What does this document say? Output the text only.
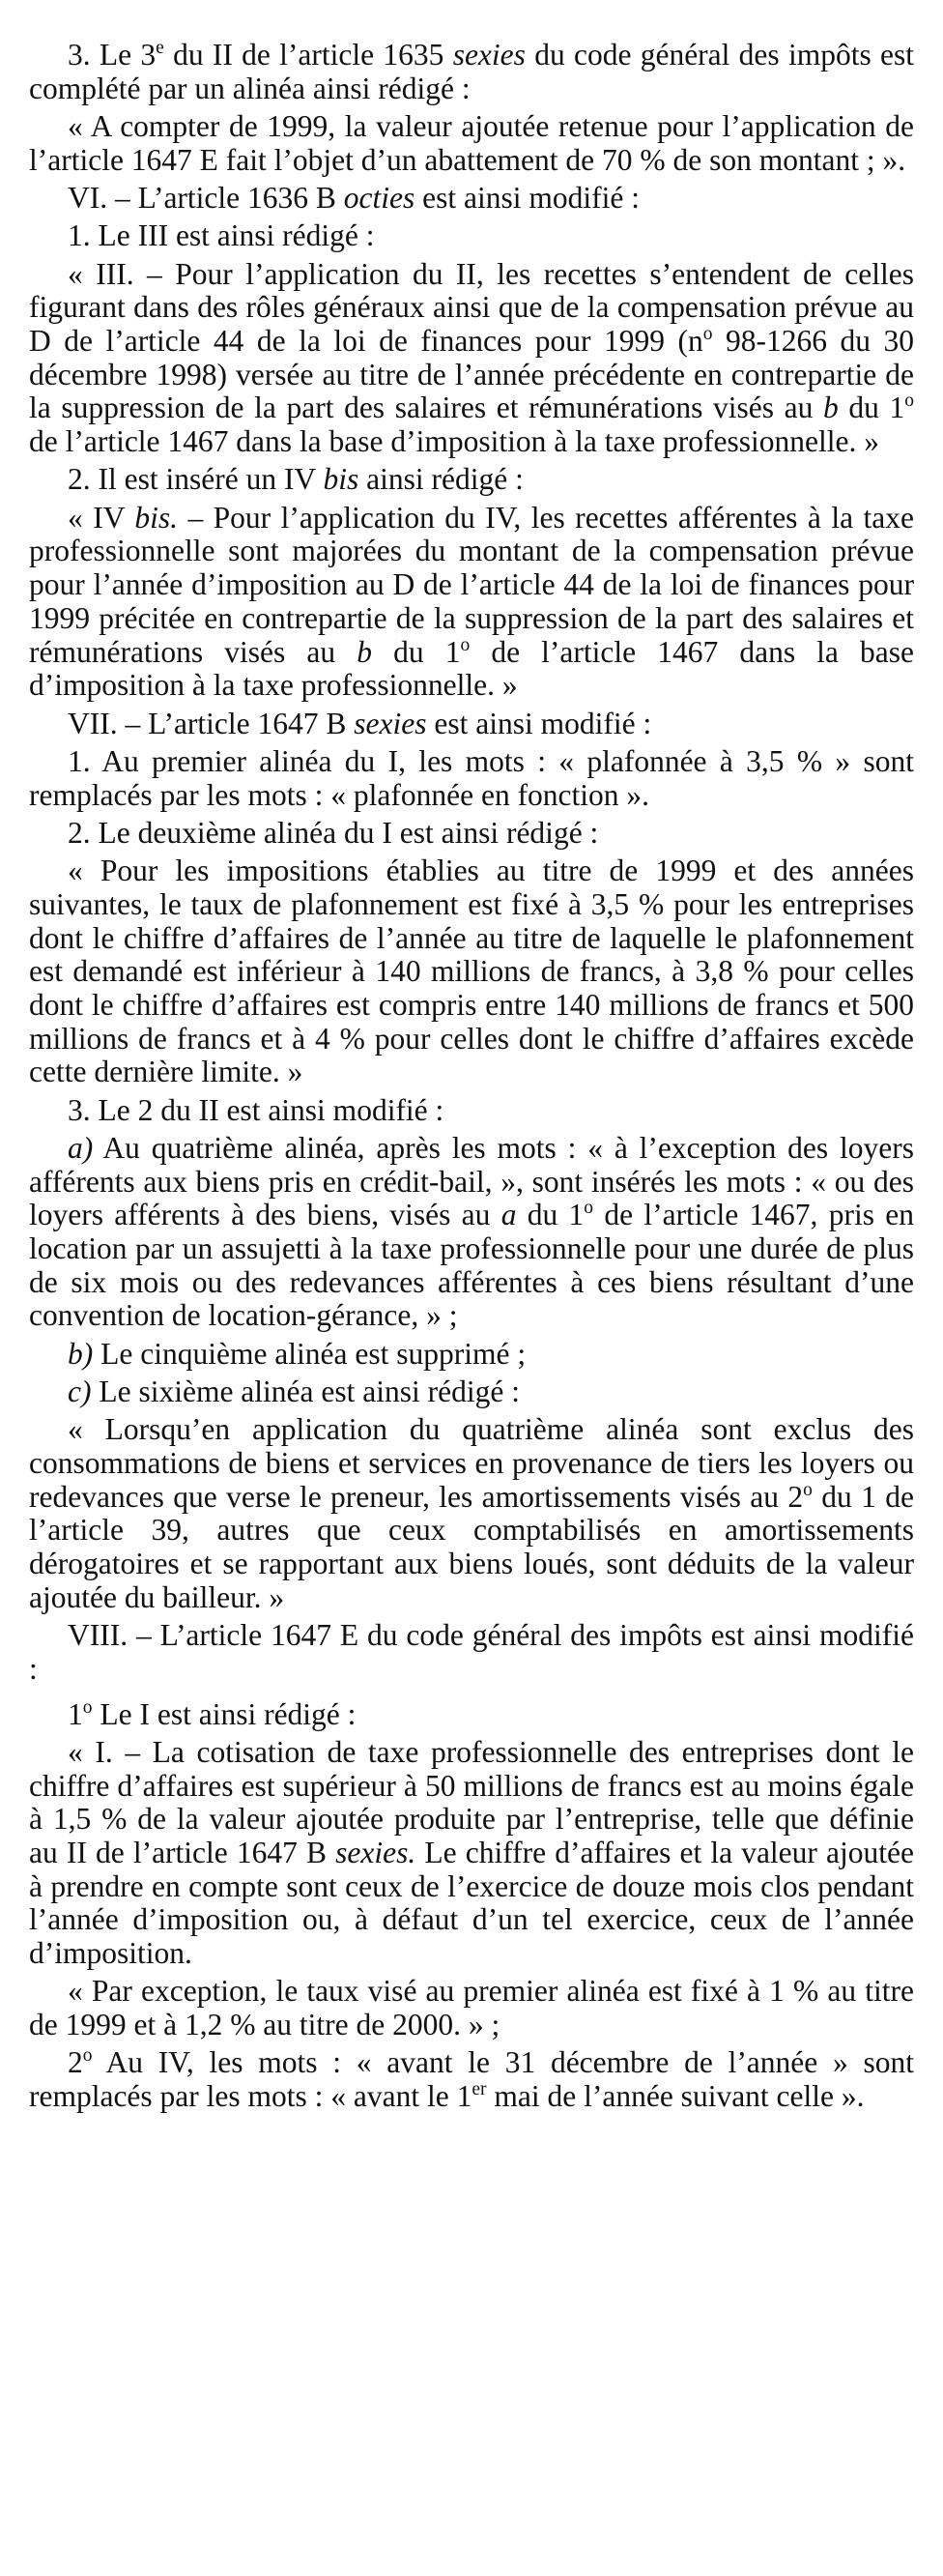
3. Le 3e du II de l’article 1635 sexies du code général des impôts est complété par un alinéa ainsi rédigé :

« A compter de 1999, la valeur ajoutée retenue pour l’application de l’article 1647 E fait l’objet d’un abattement de 70 % de son montant ; ».

VI. – L’article 1636 B octies est ainsi modifié :

1. Le III est ainsi rédigé :

« III. – Pour l’application du II, les recettes s’entendent de celles figurant dans des rôles généraux ainsi que de la compensation prévue au D de l’article 44 de la loi de finances pour 1999 ($n^o$ 98-1266 du 30 décembre 1998) versée au titre de l’année précédente en contrepartie de la suppression de la part des salaires et rémunérations visés au b du 1$^o$ de l’article 1467 dans la base d’imposition à la taxe professionnelle. »

2. Il est inséré un IV bis ainsi rédigé :

« IV bis. – Pour l’application du IV, les recettes afférentes à la taxe professionnelle sont majorées du montant de la compensation prévue pour l’année d’imposition au D de l’article 44 de la loi de finances pour 1999 précitée en contrepartie de la suppression de la part des salaires et rémunérations visés au b du 1$^o$ de l’article 1467 dans la base d’imposition à la taxe professionnelle. »

VII. – L’article 1647 B sexies est ainsi modifié :

1. Au premier alinéa du I, les mots : « plafonnée à 3,5 % » sont remplacés par les mots : « plafonnée en fonction ».

2. Le deuxième alinéa du I est ainsi rédigé :

« Pour les impositions établies au titre de 1999 et des années suivantes, le taux de plafonnement est fixé à 3,5 % pour les entreprises dont le chiffre d’affaires de l’année au titre de laquelle le plafonnement est demandé est inférieur à 140 millions de francs, à 3,8 % pour celles dont le chiffre d’affaires est compris entre 140 millions de francs et 500 millions de francs et à 4 % pour celles dont le chiffre d’affaires excède cette dernière limite. »

3. Le 2 du II est ainsi modifié :

a) Au quatrième alinéa, après les mots : « à l’exception des loyers afférents aux biens pris en crédit-bail, », sont insérés les mots : « ou des loyers afférents à des biens, visés au a du 1$^o$ de l’article 1467, pris en location par un assujetti à la taxe professionnelle pour une durée de plus de six mois ou des redevances afférentes à ces biens résultant d’une convention de location-gérance, » ;

b) Le cinquième alinéa est supprimé ;

c) Le sixième alinéa est ainsi rédigé :

« Lorsqu’en application du quatrième alinéa sont exclus des consommations de biens et services en provenance de tiers les loyers ou redevances que verse le preneur, les amortissements visés au 2$^o$ du 1 de l’article 39, autres que ceux comptabilisés en amortissements dérogatoires et se rapportant aux biens loués, sont déduits de la valeur ajoutée du bailleur. »

VIII. – L’article 1647 E du code général des impôts est ainsi modifié :

1$^o$ Le I est ainsi rédigé :

« I. – La cotisation de taxe professionnelle des entreprises dont le chiffre d’affaires est supérieur à 50 millions de francs est au moins égale à 1,5 % de la valeur ajoutée produite par l’entreprise, telle que définie au II de l’article 1647 B sexies. Le chiffre d’affaires et la valeur ajoutée à prendre en compte sont ceux de l’exercice de douze mois clos pendant l’année d’imposition ou, à défaut d’un tel exercice, ceux de l’année d’imposition.

« Par exception, le taux visé au premier alinéa est fixé à 1 % au titre de 1999 et à 1,2 % au titre de 2000. » ;

2$^o$ Au IV, les mots : « avant le 31 décembre de l’année » sont remplacés par les mots : « avant le 1er mai de l’année suivant celle ».
